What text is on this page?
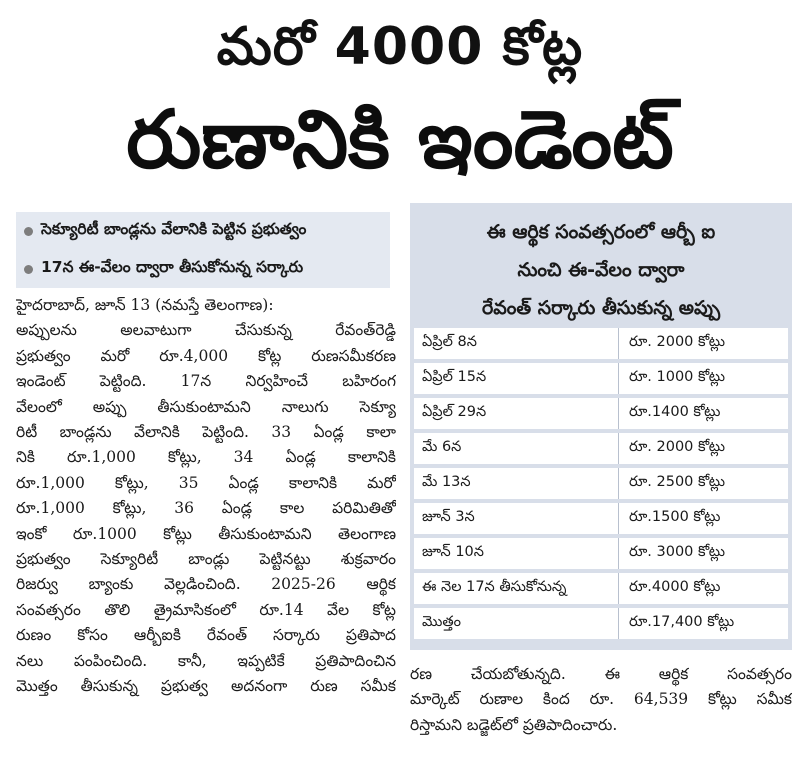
మరో 4000 కోట్ల
రుణానికి ఇండెంట్
సెక్యూరిటీ బాండ్లను వేలానికి పెట్టిన ప్రభుత్వం
17న ఈ-వేలం ద్వారా తీసుకోనున్న సర్కారు
హైదరాబాద్, జూన్ 13 (నమస్తే తెలంగాణ):
అప్పులను అలవాటుగా చేసుకున్న రేవంత్‌రెడ్డి
ప్రభుత్వం మరో రూ.4,000 కోట్ల రుణసమీకరణ
ఇండెంట్ పెట్టింది. 17న నిర్వహించే బహిరంగ
వేలంలో అప్పు తీసుకుంటామని నాలుగు సెక్యూ
రిటీ బాండ్లను వేలానికి పెట్టింది. 33 ఏండ్ల కాలా
నికి రూ.1,000 కోట్లు, 34 ఏండ్ల కాలానికి
రూ.1,000 కోట్లు, 35 ఏండ్ల కాలానికి మరో
రూ.1,000 కోట్లు, 36 ఏండ్ల కాల పరిమితితో
ఇంకో రూ.1000 కోట్లు తీసుకుంటామని తెలంగాణ
ప్రభుత్వం సెక్యూరిటీ బాండ్లు పెట్టినట్టు శుక్రవారం
రిజర్వు బ్యాంకు వెల్లడించింది. 2025-26 ఆర్థిక
సంవత్సరం తొలి త్రైమాసికంలో రూ.14 వేల కోట్ల
రుణం కోసం ఆర్బీఐకి రేవంత్ సర్కారు ప్రతిపాద
నలు పంపించింది. కానీ, ఇప్పటికే ప్రతిపాదించిన
మొత్తం తీసుకున్న ప్రభుత్వ అదనంగా రుణ సమీక
ఈ ఆర్థిక సంవత్సరంలో ఆర్బీ ఐ
నుంచి ఈ-వేలం ద్వారా
రేవంత్ సర్కారు తీసుకున్న అప్పు
ఏప్రిల్ 8న	రూ. 2000 కోట్లు
ఏప్రిల్ 15న	రూ. 1000 కోట్లు
ఏప్రిల్ 29న	రూ.1400 కోట్లు
మే 6న	రూ. 2000 కోట్లు
మే 13న	రూ. 2500 కోట్లు
జూన్ 3న	రూ.1500 కోట్లు
జూన్ 10న	రూ. 3000 కోట్లు
ఈ నెల 17న తీసుకోనున్న	రూ.4000 కోట్లు
మొత్తం	రూ.17,400 కోట్లు
రణ చేయబోతున్నది. ఈ ఆర్థిక సంవత్సరం
మార్కెట్ రుణాల కింద రూ. 64,539 కోట్లు సమీక
రిస్తామని బడ్జెట్‌లో ప్రతిపాదించారు.
